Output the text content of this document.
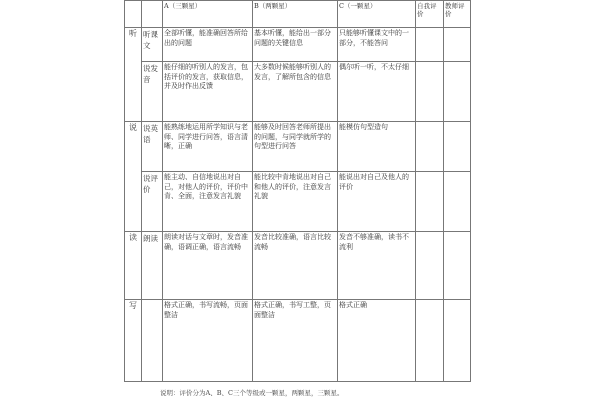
		A（三颗星）	B（两颗星）	C（一颗星）	自我评价	教师评价
听	听课文	全部听懂，能准确回答所给出的问题	基本听懂，能给出一部分问题的关键信息	只能够听懂课文中的一部分，不能答问		
	说发音	能仔细的听别人的发言，包括评价的发言，获取信息，并及时作出反馈	大多数时候能够听别人的发言，了解所包含的信息	偶尔听一听，不太仔细		
说	说英语	能熟练地运用所学知识与老师、同学进行问答，语言清晰，正确	能够及时回答老师所提出的问题，与同学就所学的句型进行问答	能模仿句型造句		
	说评价	能主动、自信地说出对自己，对他人的评价，评价中肯、全面，注意发言礼貌	能比较中肯地说出对自己和他人的评价，注意发言礼貌	能说出对自己及他人的评价		
读	朗读	朗读对话与文章时，发音准确，语调正确，语言流畅	发音比较准确，语言比较流畅	发音不够准确，读书不流利		
写		格式正确，书写流畅，页面整洁	格式正确，书写工整，页面整洁	格式正确		
说明：评价分为A、B、C三个等级或一颗星，两颗星，三颗星。
